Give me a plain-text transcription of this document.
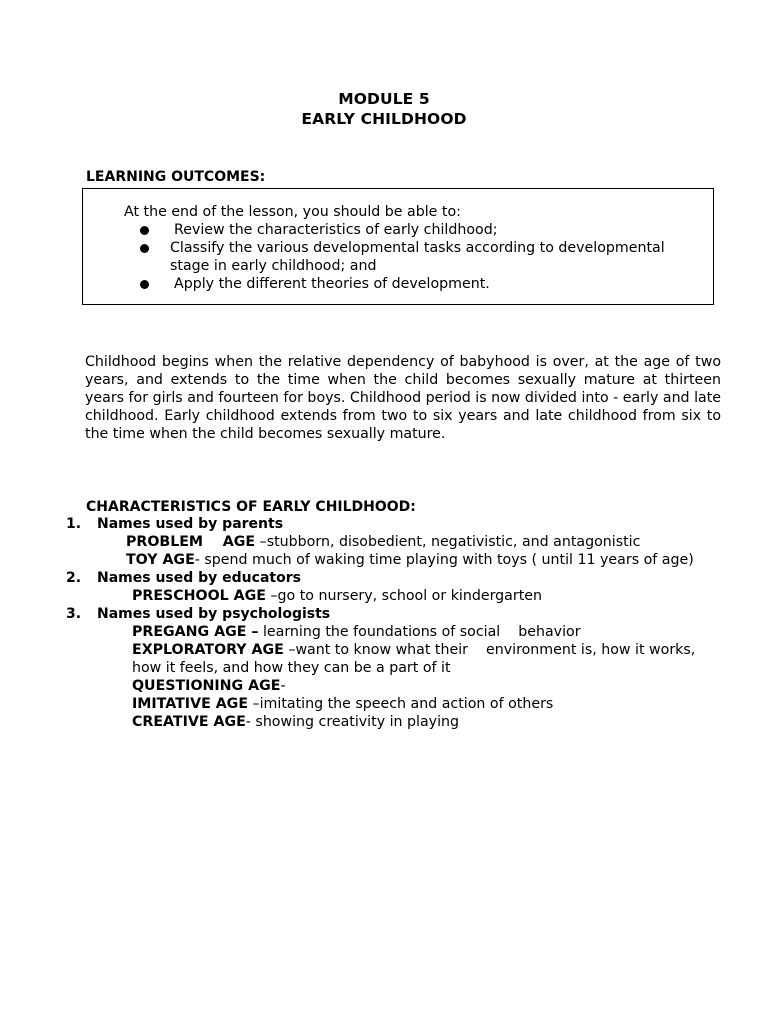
MODULE 5
EARLY CHILDHOOD
LEARNING OUTCOMES:
At the end of the lesson, you should be able to:
Review the characteristics of early childhood;
Classify the various developmental tasks according to developmental
stage in early childhood; and
Apply the different theories of development.
Childhood begins when the relative dependency of babyhood is over, at the age of two years, and extends to the time when the child becomes sexually mature at thirteen years for girls and fourteen for boys. Childhood period is now divided into - early and late childhood. Early childhood extends from two to six years and late childhood from six to the time when the child becomes sexually mature.
CHARACTERISTICS OF EARLY CHILDHOOD:
1. Names used by parents
PROBLEM    AGE –stubborn, disobedient, negativistic, and antagonistic
TOY AGE- spend much of waking time playing with toys ( until 11 years of age)
2. Names used by educators
PRESCHOOL AGE –go to nursery, school or kindergarten
3. Names used by psychologists
PREGANG AGE – learning the foundations of social    behavior
EXPLORATORY AGE –want to know what their    environment is, how it works,
how it feels, and how they can be a part of it
QUESTIONING AGE-
IMITATIVE AGE –imitating the speech and action of others
CREATIVE AGE- showing creativity in playing
